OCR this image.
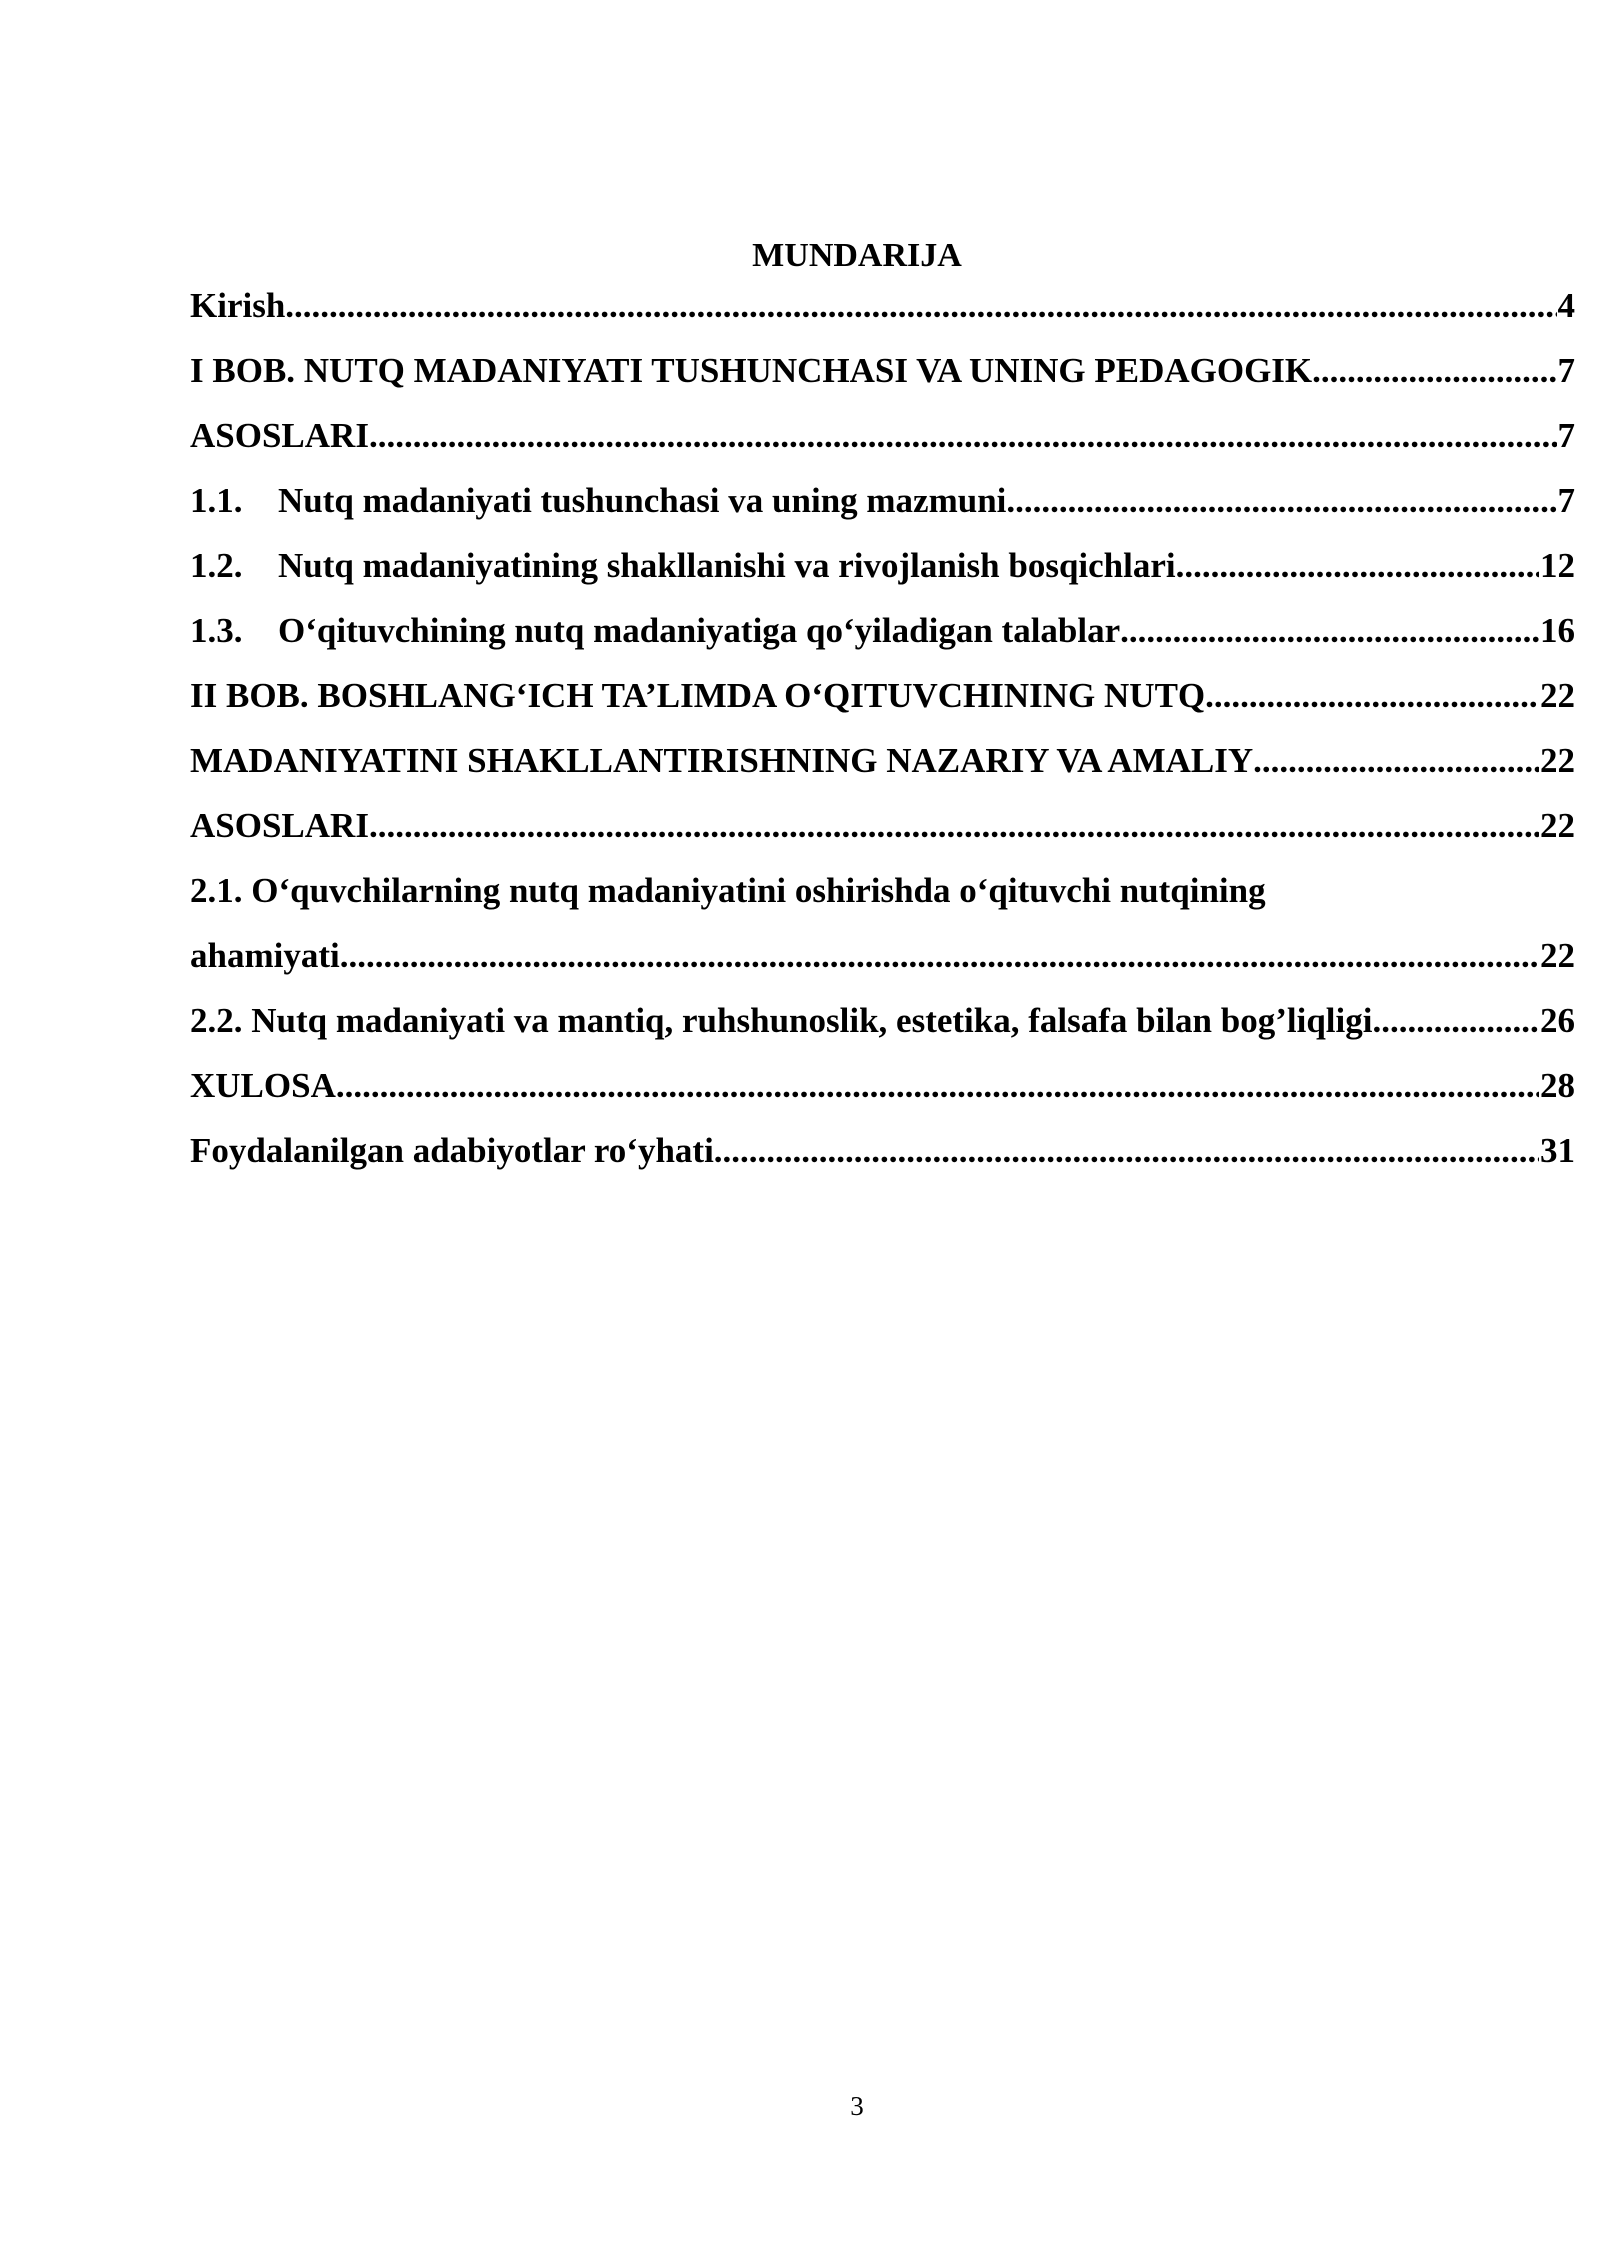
MUNDARIJA
Kirish .....	4
I BOB. NUTQ MADANIYATI TUSHUNCHASI VA UNING PEDAGOGIK .....	7
ASOSLARI .....	7
1.1.	Nutq madaniyati tushunchasi va uning mazmuni .....	7
1.2.	Nutq madaniyatining shakllanishi va rivojlanish bosqichlari .....	12
1.3.	O‘qituvchining nutq madaniyatiga qo‘yiladigan talablar .....	16
II BOB. BOSHLANG‘ICH TA’LIMDA O‘QITUVCHINING NUTQ .....	22
MADANIYATINI SHAKLLANTIRISHNING NAZARIY VA AMALIY .....	22
ASOSLARI .....	22
2.1. O‘quvchilarning nutq madaniyatini oshirishda o‘qituvchi nutqining
ahamiyati .....	22
2.2. Nutq madaniyati va mantiq, ruhshunoslik, estetika, falsafa bilan bog’liqligi .....	26
XULOSA .....	28
Foydalanilgan adabiyotlar ro‘yhati .....	31
3
